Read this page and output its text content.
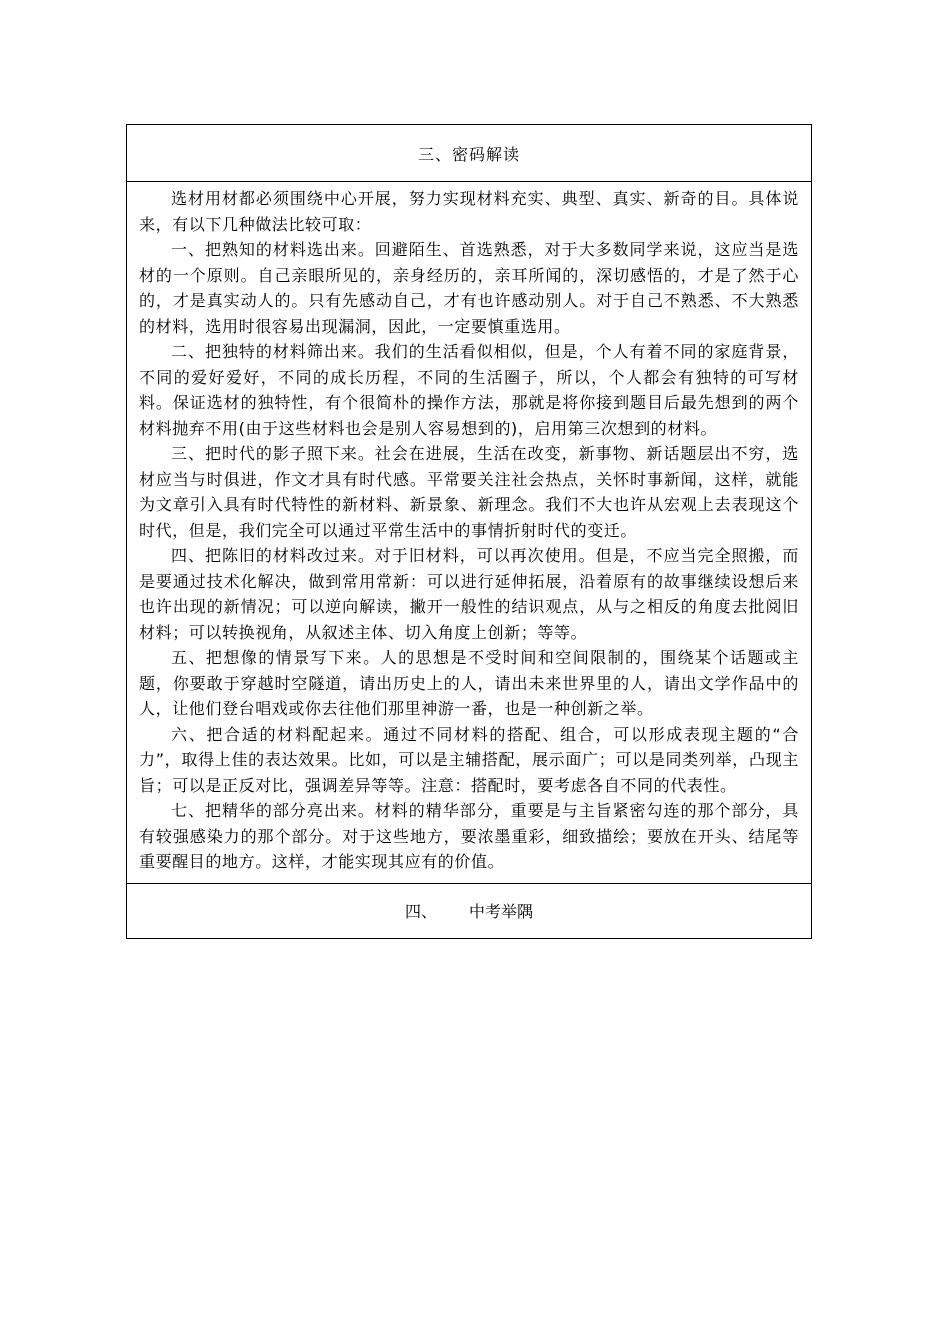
三、密码解读

选材用材都必须围绕中心开展，努力实现材料充实、典型、真实、新奇的目。具体说来，有以下几种做法比较可取：

一、把熟知的材料选出来。回避陌生、首选熟悉，对于大多数同学来说，这应当是选材的一个原则。自己亲眼所见的，亲身经历的，亲耳所闻的，深切感悟的，才是了然于心的，才是真实动人的。只有先感动自己，才有也许感动别人。对于自己不熟悉、不大熟悉的材料，选用时很容易出现漏洞，因此，一定要慎重选用。

二、把独特的材料筛出来。我们的生活看似相似，但是，个人有着不同的家庭背景，不同的爱好爱好，不同的成长历程，不同的生活圈子，所以，个人都会有独特的可写材料。保证选材的独特性，有个很简朴的操作方法，那就是将你接到题目后最先想到的两个材料抛弃不用(由于这些材料也会是别人容易想到的)，启用第三次想到的材料。

三、把时代的影子照下来。社会在进展，生活在改变，新事物、新话题层出不穷，选材应当与时俱进，作文才具有时代感。平常要关注社会热点，关怀时事新闻，这样，就能为文章引入具有时代特性的新材料、新景象、新理念。我们不大也许从宏观上去表现这个时代，但是，我们完全可以通过平常生活中的事情折射时代的变迁。

四、把陈旧的材料改过来。对于旧材料，可以再次使用。但是，不应当完全照搬，而是要通过技术化解决，做到常用常新：可以进行延伸拓展，沿着原有的故事继续设想后来也许出现的新情况；可以逆向解读，撇开一般性的结识观点，从与之相反的角度去批阅旧材料；可以转换视角，从叙述主体、切入角度上创新；等等。

五、把想像的情景写下来。人的思想是不受时间和空间限制的，围绕某个话题或主题，你要敢于穿越时空隧道，请出历史上的人，请出未来世界里的人，请出文学作品中的人，让他们登台唱戏或你去往他们那里神游一番，也是一种创新之举。

六、把合适的材料配起来。通过不同材料的搭配、组合，可以形成表现主题的“合力”，取得上佳的表达效果。比如，可以是主辅搭配，展示面广；可以是同类列举，凸现主旨；可以是正反对比，强调差异等等。注意：搭配时，要考虑各自不同的代表性。

七、把精华的部分亮出来。材料的精华部分，重要是与主旨紧密勾连的那个部分，具有较强感染力的那个部分。对于这些地方，要浓墨重彩，细致描绘；要放在开头、结尾等重要醒目的地方。这样，才能实现其应有的价值。

四、 中考举隅
